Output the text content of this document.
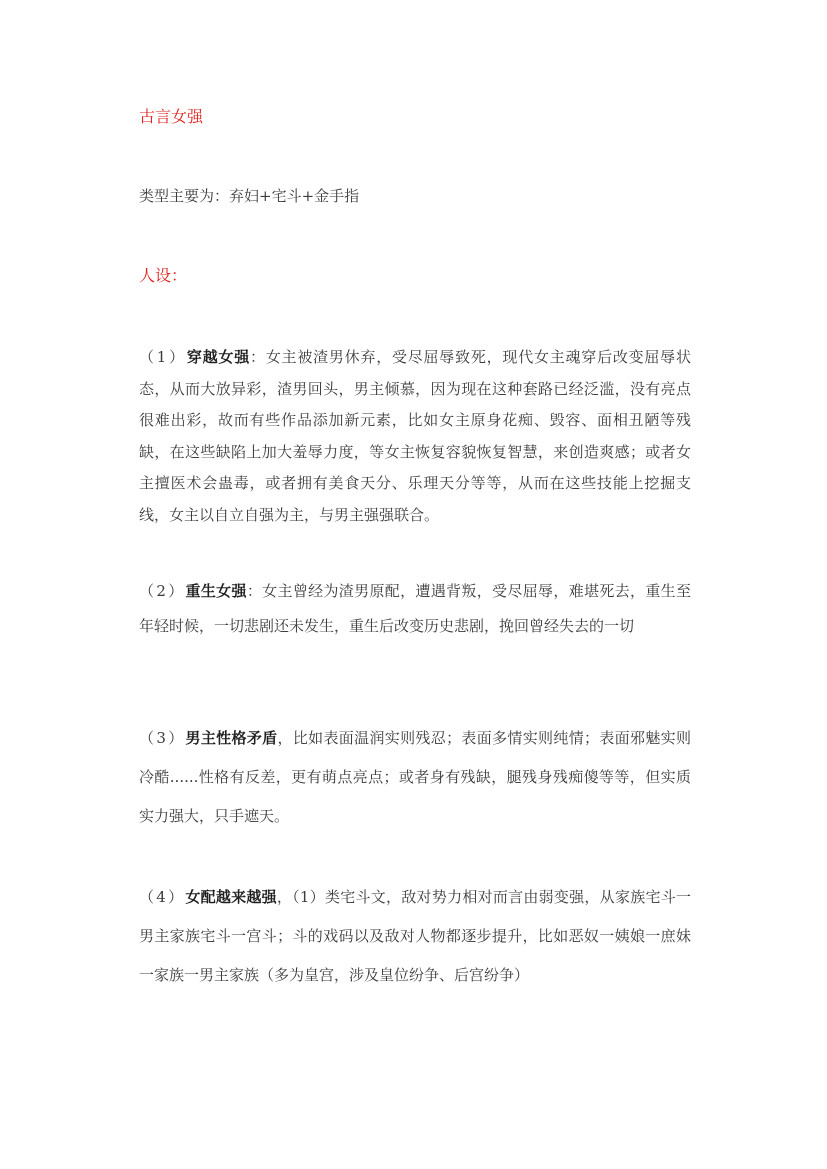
古言女强
类型主要为：弃妇+宅斗+金手指
人设：
（1）穿越女强：女主被渣男休弃，受尽屈辱致死，现代女主魂穿后改变屈辱状态，从而大放异彩，渣男回头，男主倾慕，因为现在这种套路已经泛滥，没有亮点很难出彩，故而有些作品添加新元素，比如女主原身花痴、毁容、面相丑陋等残缺，在这些缺陷上加大羞辱力度，等女主恢复容貌恢复智慧，来创造爽感；或者女主擅医术会蛊毒，或者拥有美食天分、乐理天分等等，从而在这些技能上挖掘支线，女主以自立自强为主，与男主强强联合。
（2）重生女强：女主曾经为渣男原配，遭遇背叛，受尽屈辱，难堪死去，重生至年轻时候，一切悲剧还未发生，重生后改变历史悲剧，挽回曾经失去的一切
（3）男主性格矛盾，比如表面温润实则残忍；表面多情实则纯情；表面邪魅实则冷酷......性格有反差，更有萌点亮点；或者身有残缺，腿残身残痴傻等等，但实质实力强大，只手遮天。
（4）女配越来越强，（1）类宅斗文，敌对势力相对而言由弱变强，从家族宅斗一男主家族宅斗一宫斗；斗的戏码以及敌对人物都逐步提升，比如恶奴一姨娘一庶妹一家族一男主家族（多为皇宫，涉及皇位纷争、后宫纷争）
